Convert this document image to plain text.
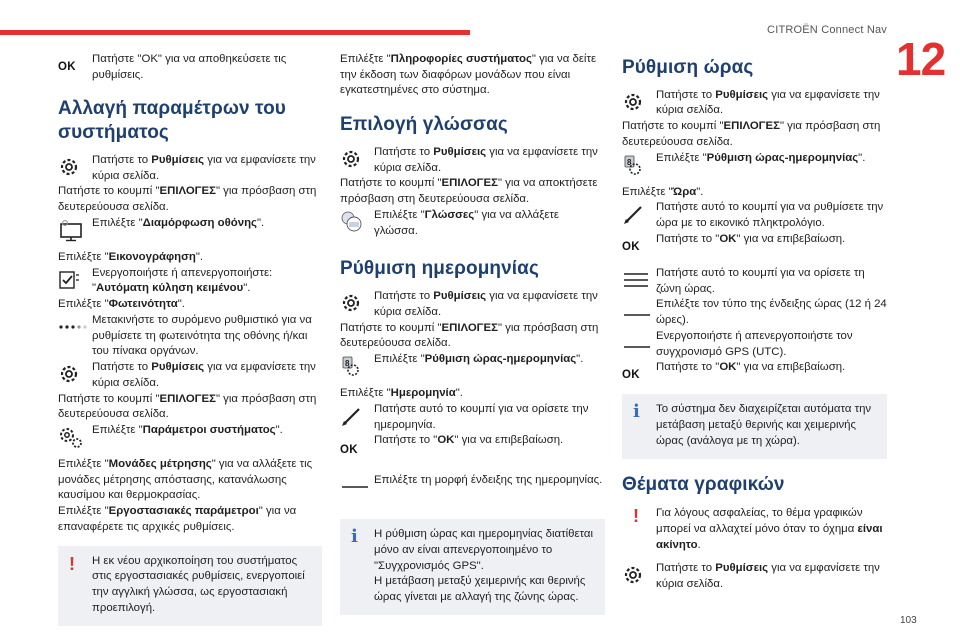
CITROËN Connect Nav
12
103
OK

Πατήστε "ΟΚ" για να αποθηκεύσετε τις ρυθμίσεις.

Αλλαγή παραμέτρων του συστήματος

Πατήστε το Ρυθμίσεις για να εμφανίσετε την κύρια σελίδα.

Πατήστε το κουμπί "ΕΠΙΛΟΓΕΣ" για πρόσβαση στη δευτερεύουσα σελίδα.

Επιλέξτε "Διαμόρφωση οθόνης".

Επιλέξτε "Εικονογράφηση".

Ενεργοποιήστε ή απενεργοποιήστε: "Αυτόματη κύληση κειμένου".

Επιλέξτε "Φωτεινότητα".

Μετακινήστε το συρόμενο ρυθμιστικό για να ρυθμίσετε τη φωτεινότητα της οθόνης ή/και του πίνακα οργάνων.

Πατήστε το Ρυθμίσεις για να εμφανίσετε την κύρια σελίδα.

Πατήστε το κουμπί "ΕΠΙΛΟΓΕΣ" για πρόσβαση στη δευτερεύουσα σελίδα.

Επιλέξτε "Παράμετροι συστήματος".

Επιλέξτε "Μονάδες μέτρησης" για να αλλάξετε τις μονάδες μέτρησης απόστασης, κατανάλωσης καυσίμου και θερμοκρασίας.

Επιλέξτε "Εργοστασιακές παράμετροι" για να επαναφέρετε τις αρχικές ρυθμίσεις.

!	Η εκ νέου αρχικοποίηση του συστήματος στις εργοστασιακές ρυθμίσεις, ενεργοποιεί την αγγλική γλώσσα, ως εργοστασιακή προεπιλογή.

Επιλέξτε "Πληροφορίες συστήματος" για να δείτε την έκδοση των διαφόρων μονάδων που είναι εγκατεστημένες στο σύστημα.

Επιλογή γλώσσας

Πατήστε το Ρυθμίσεις για να εμφανίσετε την κύρια σελίδα.

Πατήστε το κουμπί "ΕΠΙΛΟΓΕΣ" για να αποκτήσετε πρόσβαση στη δευτερεύουσα σελίδα.

Επιλέξτε "Γλώσσες" για να αλλάξετε γλώσσα.

Ρύθμιση ημερομηνίας

Πατήστε το Ρυθμίσεις για να εμφανίσετε την κύρια σελίδα.

Πατήστε το κουμπί "ΕΠΙΛΟΓΕΣ" για πρόσβαση στη δευτερεύουσα σελίδα.

8 Επιλέξτε "Ρύθμιση ώρας-ημερομηνίας".

Επιλέξτε "Ημερομηνία".

Πατήστε αυτό το κουμπί για να ορίσετε την ημερομηνία.

OK

Πατήστε το "OK" για να επιβεβαίωση.

Επιλέξτε τη μορφή ένδειξης της ημερομηνίας.

i	Η ρύθμιση ώρας και ημερομηνίας διατίθεται μόνο αν είναι απενεργοποιημένο το "Συγχρονισμός GPS".
Η μετάβαση μεταξύ χειμερινής και θερινής ώρας γίνεται με αλλαγή της ζώνης ώρας.

Ρύθμιση ώρας

Πατήστε το Ρυθμίσεις για να εμφανίσετε την κύρια σελίδα.

Πατήστε το κουμπί "ΕΠΙΛΟΓΕΣ" για πρόσβαση στη δευτερεύουσα σελίδα.

8 Επιλέξτε "Ρύθμιση ώρας-ημερομηνίας".

Επιλέξτε "Ώρα".

Πατήστε αυτό το κουμπί για να ρυθμίσετε την ώρα με το εικονικό πληκτρολόγιο.

OK

Πατήστε το "OK" για να επιβεβαίωση.

Πατήστε αυτό το κουμπί για να ορίσετε τη ζώνη ώρας.

Επιλέξτε τον τύπο της ένδειξης ώρας (12 ή 24 ώρες).

Ενεργοποιήστε ή απενεργοποιήστε τον συγχρονισμό GPS (UTC).

OK

Πατήστε το "OK" για να επιβεβαίωση.

i	Το σύστημα δεν διαχειρίζεται αυτόματα την μετάβαση μεταξύ θερινής και χειμερινής ώρας (ανάλογα με τη χώρα).

Θέματα γραφικών
! Για λόγους ασφαλείας, το θέμα γραφικών μπορεί να αλλαχτεί μόνο όταν το όχημα είναι ακίνητο.

Πατήστε το Ρυθμίσεις για να εμφανίσετε την κύρια σελίδα.
